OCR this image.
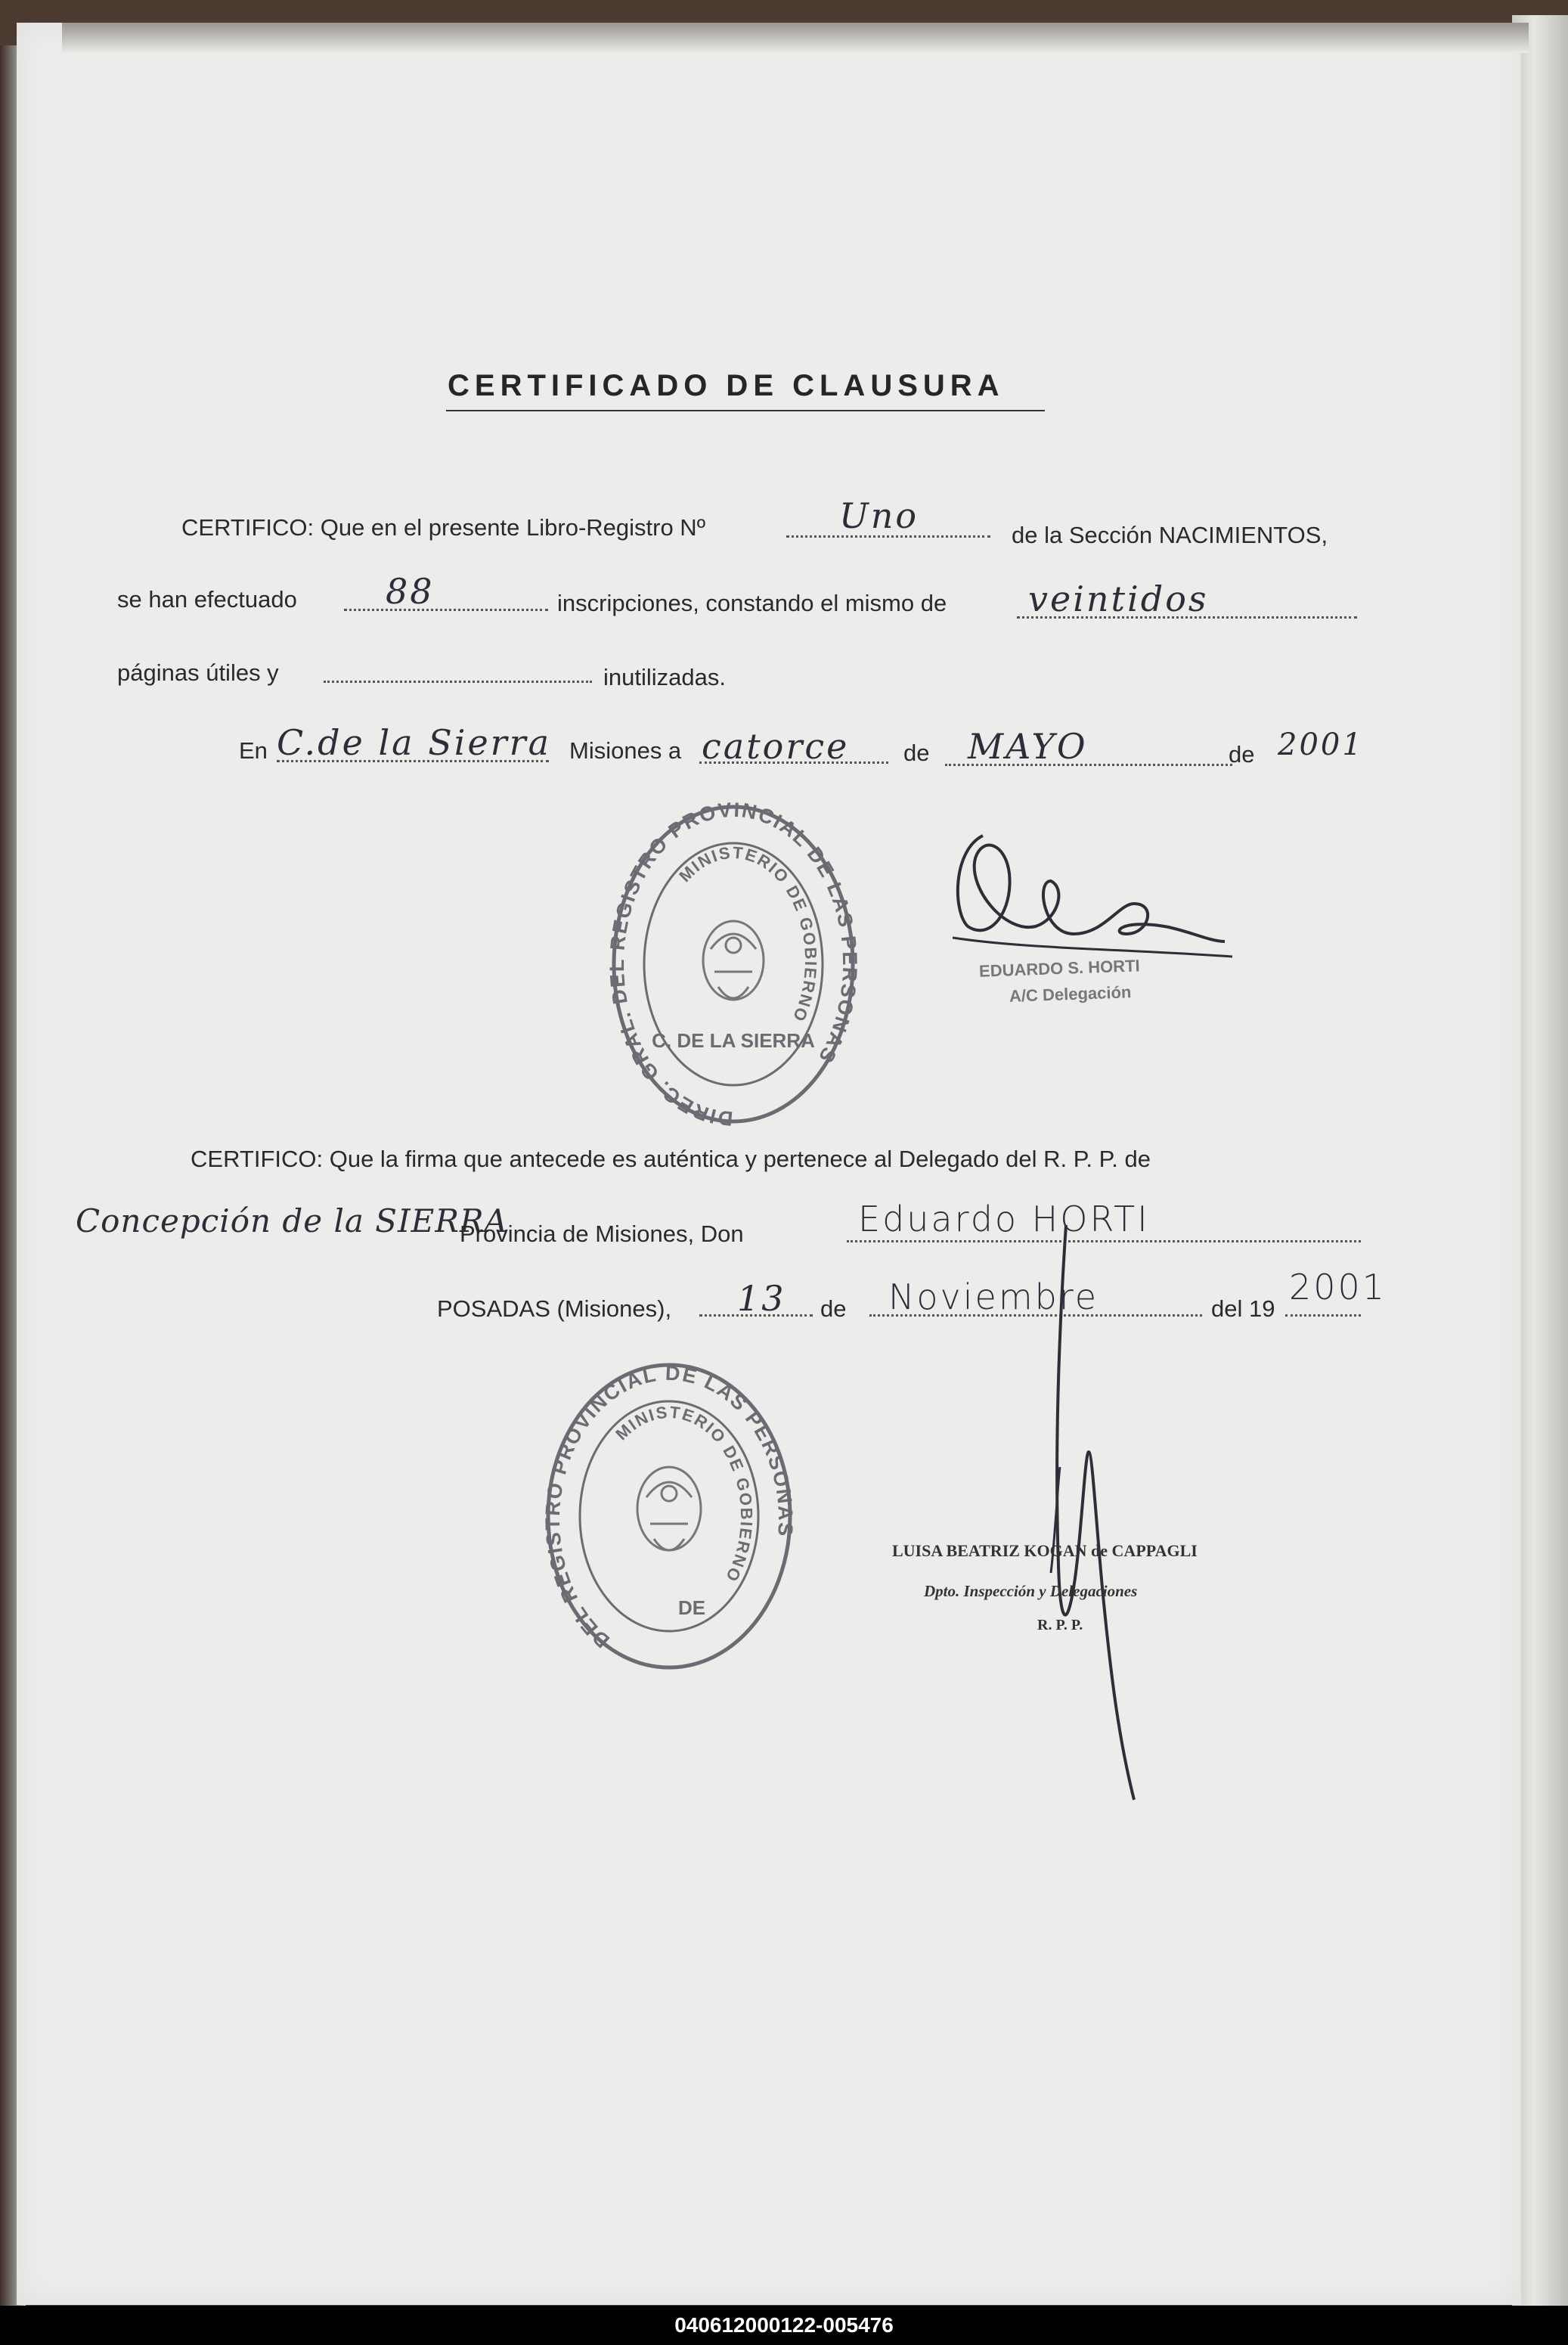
CERTIFICADO DE CLAUSURA
CERTIFICO: Que en el presente Libro-Registro Nº	Uno	de la Sección NACIMIENTOS,
se han efectuado	88	inscripciones, constando el mismo de veintidos
páginas útiles y	inutilizadas.
En C.de la Sierra Misiones a catorce de MAYO	de 2001
DIREC. GRAL. DEL REGISTRO PROVINCIAL DE LAS PERSONAS
MINISTERIO DE GOBIERNO
C. DE LA SIERRA
EDUARDO S. HORTI
A/C Delegación
CERTIFICO: Que la firma que antecede es auténtica y pertenece al Delegado del R. P. P. de
Concepción de la SIERRA
Provincia de Misiones, Don	Eduardo HORTI
POSADAS (Misiones), 13 de Noviembre	del 19
2001
DEL REGISTRO PROVINCIAL DE LAS PERSONAS
MINISTERIO DE GOBIERNO
DE
LUISA BEATRIZ KOGAN de CAPPAGLI
Dpto. Inspección y Delegaciones
R. P. P.
040612000122-005476
